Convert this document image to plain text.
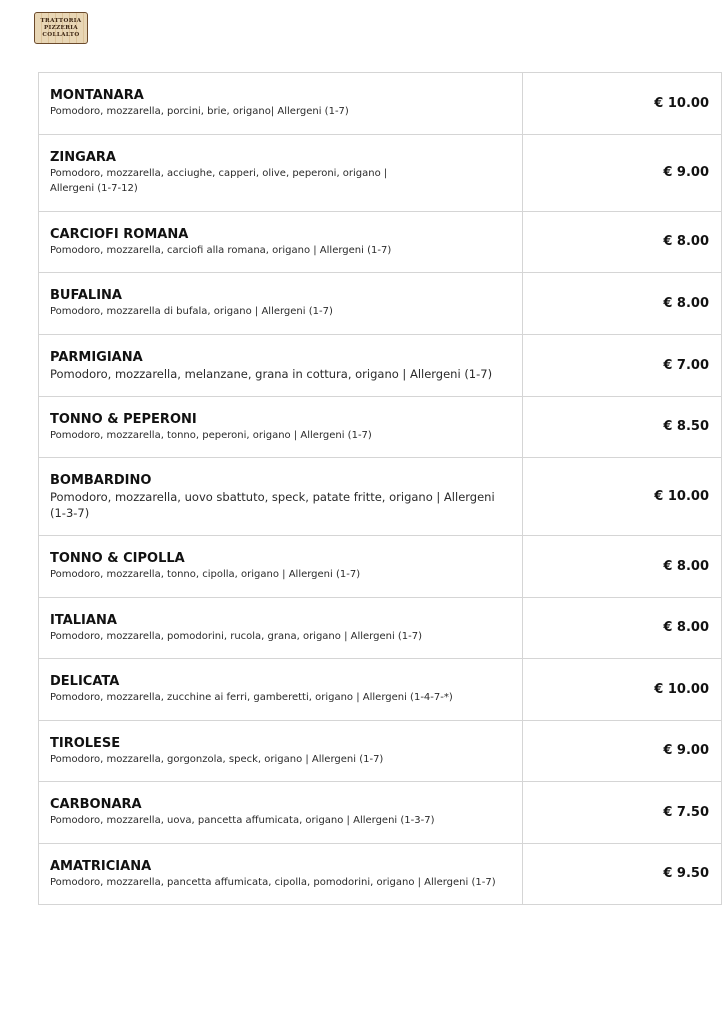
TRATTORIA
PIZZERIA
COLLALTO
MONTANARA
Pomodoro, mozzarella, porcini, brie, origano| Allergeni (1-7)	€ 10.00

ZINGARA
Pomodoro, mozzarella, acciughe, capperi, olive, peperoni, origano | Allergeni (1-7-12)	€ 9.00

CARCIOFI ROMANA
Pomodoro, mozzarella, carciofi alla romana, origano | Allergeni (1-7)	€ 8.00

BUFALINA
Pomodoro, mozzarella di bufala, origano | Allergeni (1-7)	€ 8.00

PARMIGIANA
Pomodoro, mozzarella, melanzane, grana in cottura, origano | Allergeni (1-7)	€ 7.00

TONNO & PEPERONI
Pomodoro, mozzarella, tonno, peperoni, origano | Allergeni (1-7)	€ 8.50

BOMBARDINO
Pomodoro, mozzarella, uovo sbattuto, speck, patate fritte, origano | Allergeni (1-3-7)	€ 10.00

TONNO & CIPOLLA
Pomodoro, mozzarella, tonno, cipolla, origano | Allergeni (1-7)	€ 8.00

ITALIANA
Pomodoro, mozzarella, pomodorini, rucola, grana, origano | Allergeni (1-7)	€ 8.00

DELICATA
Pomodoro, mozzarella, zucchine ai ferri, gamberetti, origano | Allergeni (1-4-7-*)	€ 10.00

TIROLESE
Pomodoro, mozzarella, gorgonzola, speck, origano | Allergeni (1-7)	€ 9.00

CARBONARA
Pomodoro, mozzarella, uova, pancetta affumicata, origano | Allergeni (1-3-7)	€ 7.50

AMATRICIANA
Pomodoro, mozzarella, pancetta affumicata, cipolla, pomodorini, origano | Allergeni (1-7)	€ 9.50
